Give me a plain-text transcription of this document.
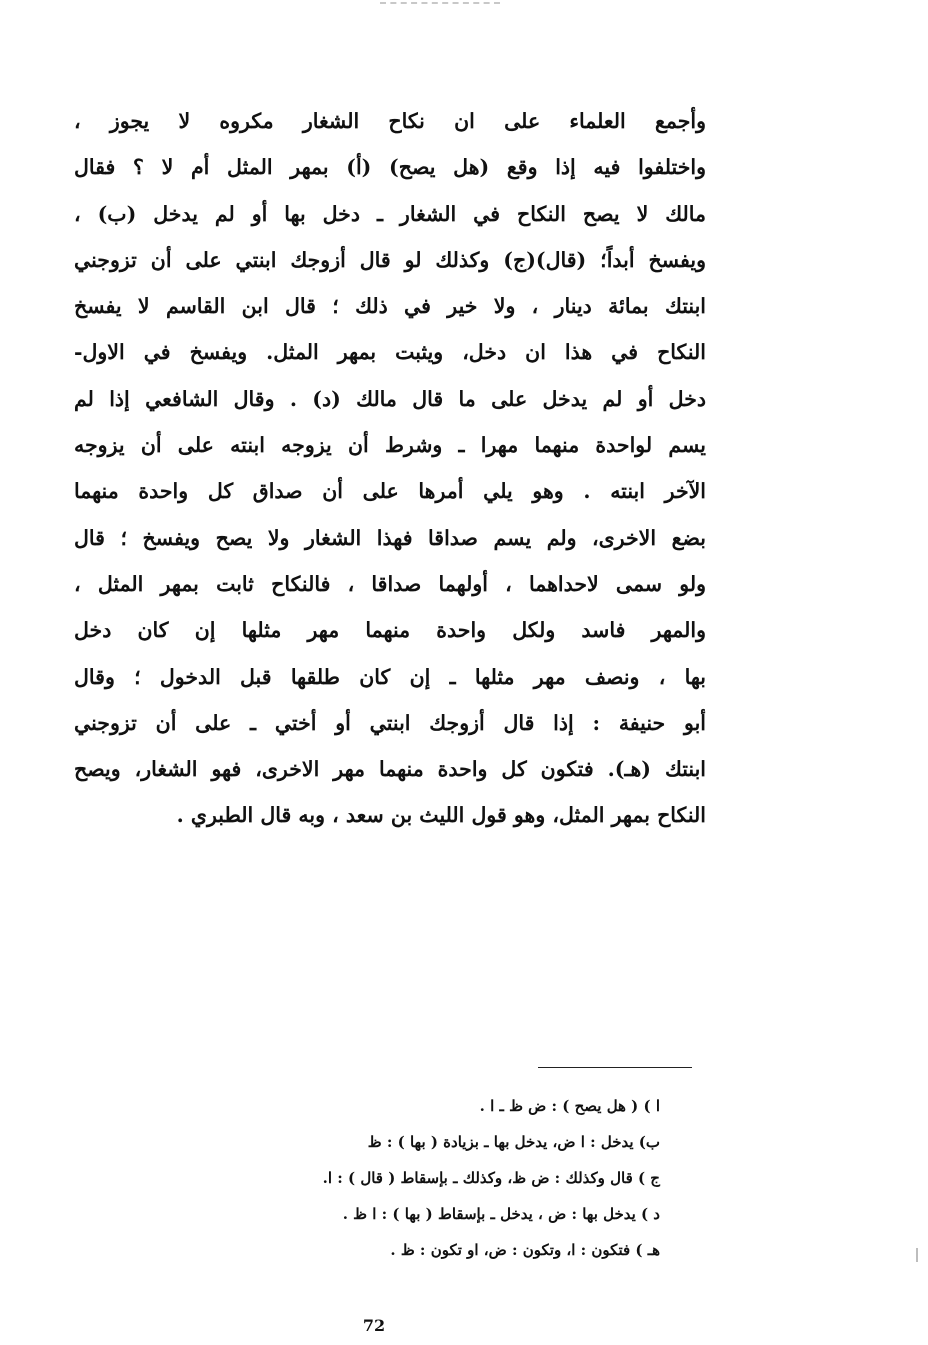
وأجمع العلماء على ان نكاح الشغار مكروه لا يجوز ،
واختلفوا فيه إذا وقع (هل يصح) (أ) بمهر المثل أم لا ؟ فقال
مالك لا يصح النكاح في الشغار ـ دخل بها أو لم يدخل (ب) ،
ويفسخ أبداً؛ (قال)(ج) وكذلك لو قال أزوجك ابنتي على أن تزوجني
ابنتك بمائة دينار ، ولا خير في ذلك ؛ قال ابن القاسم لا يفسخ
النكاح في هذا ان دخل، ويثبت بمهر المثل. ويفسخ في الاول-
دخل أو لم يدخل على ما قال مالك (د) . وقال الشافعي إذا لم
يسم لواحدة منهما مهرا ـ وشرط أن يزوجه ابنته على أن يزوجه
الآخر ابنته . وهو يلي أمرها على أن صداق كل واحدة منهما
بضع الاخرى، ولم يسم صداقا فهذا الشغار ولا يصح ويفسخ ؛ قال
ولو سمى لاحداهما ، أولهما صداقا ، فالنكاح ثابت بمهر المثل ،
والمهر فاسد ولكل واحدة منهما مهر مثلها إن كان دخل
بها ، ونصف مهر مثلها ـ إن كان طلقها قبل الدخول ؛ وقال
أبو حنيفة : إذا قال أزوجك ابنتي أو أختي ـ على أن تزوجني
ابنتك (هـ). فتكون كل واحدة منهما مهر الاخرى، فهو الشغار، ويصح
النكاح بمهر المثل، وهو قول الليث بن سعد ، وبه قال الطبري .
ا ) ( هل يصح ) : ض ظ ـ ا .
ب) يدخل : ا ض، يدخل بها ـ بزيادة ( بها ) : ظ
ج ) قال وكذلك : ض ظ، وكذلك ـ بإسقاط ( قال ) : ا.
د ) يدخل بها : ض ، يدخل ـ بإسقاط ( بها ) : ا ظ .
هـ ) فتكون : ا، وتكون : ض، او تكون : ظ .
72
